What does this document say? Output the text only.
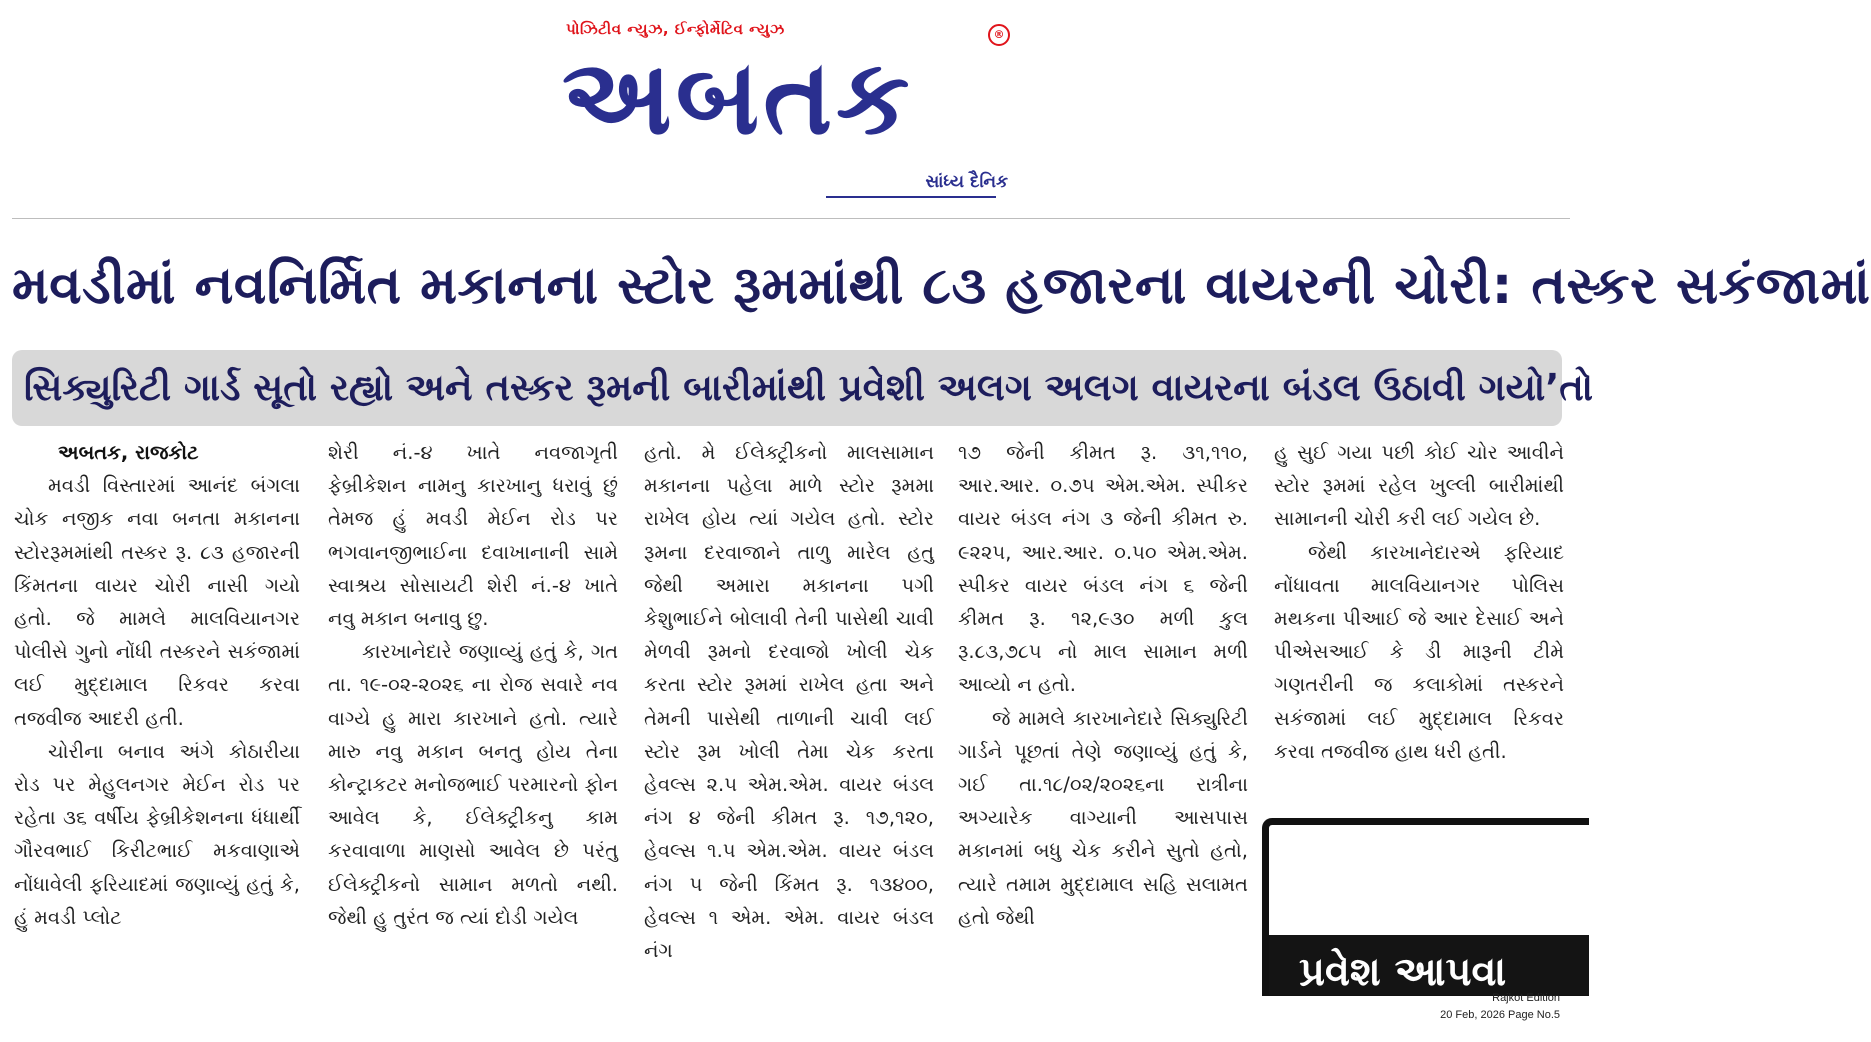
પોઝિટીવ ન્યુઝ, ઈન્ફોર્મેટિવ ન્યુઝ
અબતક
®
સાંધ્ય દૈનિક
મવડીમાં નવનિર્મિત મકાનના સ્ટોર રૂમમાંથી ૮૩ હજારના વાયરની ચોરી: તસ્કર સકંજામાં
સિક્યુરિટી ગાર્ડ સૂતો રહ્યો અને તસ્કર રૂમની બારીમાંથી પ્રવેશી અલગ અલગ વાયરના બંડલ ઉઠાવી ગયો’તો

અબતક, રાજકોટ

મવડી વિસ્તારમાં આનંદ બંગલા ચોક નજીક નવા બનતા મકાનના સ્ટોરરૂમમાંથી તસ્કર રૂ. ૮૩ હજારની કિંમતના વાયર ચોરી નાસી ગયો હતો. જે મામલે માલવિયાનગર પોલીસે ગુનો નોંધી તસ્કરને સકંજામાં લઈ મુદ્દામાલ રિકવર કરવા તજવીજ આદરી હતી.

ચોરીના બનાવ અંગે કોઠારીયા રોડ પર મેહુલનગર મેઈન રોડ પર રહેતા ૩૬ વર્ષીય ફેબ્રીકેશનના ધંધાર્થી ગૌરવભાઈ કિરીટભાઈ મકવાણાએ નોંધાવેલી ફરિયાદમાં જણાવ્યું હતું કે, હું મવડી પ્લોટ

શેરી નં.-૪ ખાતે નવજાગૃતી ફેબ્રીકેશન નામનુ કારખાનુ ધરાવું છું તેમજ હું મવડી મેઈન રોડ પર ભગવાનજીભાઈના દવાખાનાની સામે સ્વાશ્રય સોસાયટી શેરી નં.-૪ ખાતે નવુ મકાન બનાવુ છુ.

કારખાનેદારે જણાવ્યું હતું કે, ગત તા. ૧૯-૦૨-૨૦૨૬ ના રોજ સવારે નવ વાગ્યે હુ મારા કારખાને હતો. ત્યારે મારુ નવુ મકાન બનતુ હોય તેના કોન્ટ્રાકટર મનોજભાઈ પરમારનો ફોન આવેલ કે, ઈલેક્ટ્રીકનુ કામ કરવાવાળા માણસો આવેલ છે પરંતુ ઈલેક્ટ્રીકનો સામાન મળતો નથી. જેથી હુ તુરંત જ ત્યાં દોડી ગયેલ

હતો. મે ઈલેક્ટ્રીકનો માલસામાન મકાનના પહેલા માળે સ્ટોર રૂમમા રાખેલ હોય ત્યાં ગયેલ હતો. સ્ટોર રૂમના દરવાજાને તાળુ મારેલ હતુ જેથી અમારા મકાનના પગી કેશુભાઈને બોલાવી તેની પાસેથી ચાવી મેળવી રૂમનો દરવાજો ખોલી ચેક કરતા સ્ટોર રૂમમાં રાખેલ હતા અને તેમની પાસેથી તાળાની ચાવી લઈ સ્ટોર રૂમ ખોલી તેમા ચેક કરતા હેવલ્સ ૨.૫ એમ.એમ. વાયર બંડલ નંગ ૪ જેની કીમત રૂ. ૧૭,૧૨૦, હેવલ્સ ૧.૫ એમ.એમ. વાયર બંડલ નંગ ૫ જેની કિંમત રૂ. ૧૩૪૦૦, હેવલ્સ ૧ એમ. એમ. વાયર બંડલ નંગ

૧૭ જેની કીમત રૂ. ૩૧,૧૧૦, આર.આર. ૦.૭૫ એમ.એમ. સ્પીકર વાયર બંડલ નંગ ૩ જેની કીમત રુ. ૯૨૨૫, આર.આર. ૦.૫૦ એમ.એમ. સ્પીકર વાયર બંડલ નંગ ૬ જેની કીમત રૂ. ૧૨,૯૩૦ મળી કુલ રૂ.૮૩,૭૮૫ નો માલ સામાન મળી આવ્યો ન હતો.

જે મામલે કારખાનેદારે સિક્યુરિટી ગાર્ડને પૂછતાં તેણે જણાવ્યું હતું કે, ગઈ તા.૧૮/૦૨/૨૦૨૬ના રાત્રીના અગ્યારેક વાગ્યાની આસપાસ મકાનમાં બધુ ચેક કરીને સુતો હતો, ત્યારે તમામ મુદ્દામાલ સહિ સલામત હતો જેથી

હુ સુઈ ગયા પછી કોઈ ચોર આવીને સ્ટોર રૂમમાં રહેલ ખુલ્લી બારીમાંથી સામાનની ચોરી કરી લઈ ગયેલ છે.

જેથી કારખાનેદારએ ફરિયાદ નોંધાવતા માલવિયાનગર પોલિસ મથકના પીઆઈ જે આર દેસાઈ અને પીએસઆઈ કે ડી મારૂની ટીમે ગણતરીની જ કલાકોમાં તસ્કરને સકંજામાં લઈ મુદ્દામાલ રિકવર કરવા તજવીજ હાથ ધરી હતી.

પ્રવેશ આપવા
Rajkot Edition
20 Feb, 2026 Page No.5
